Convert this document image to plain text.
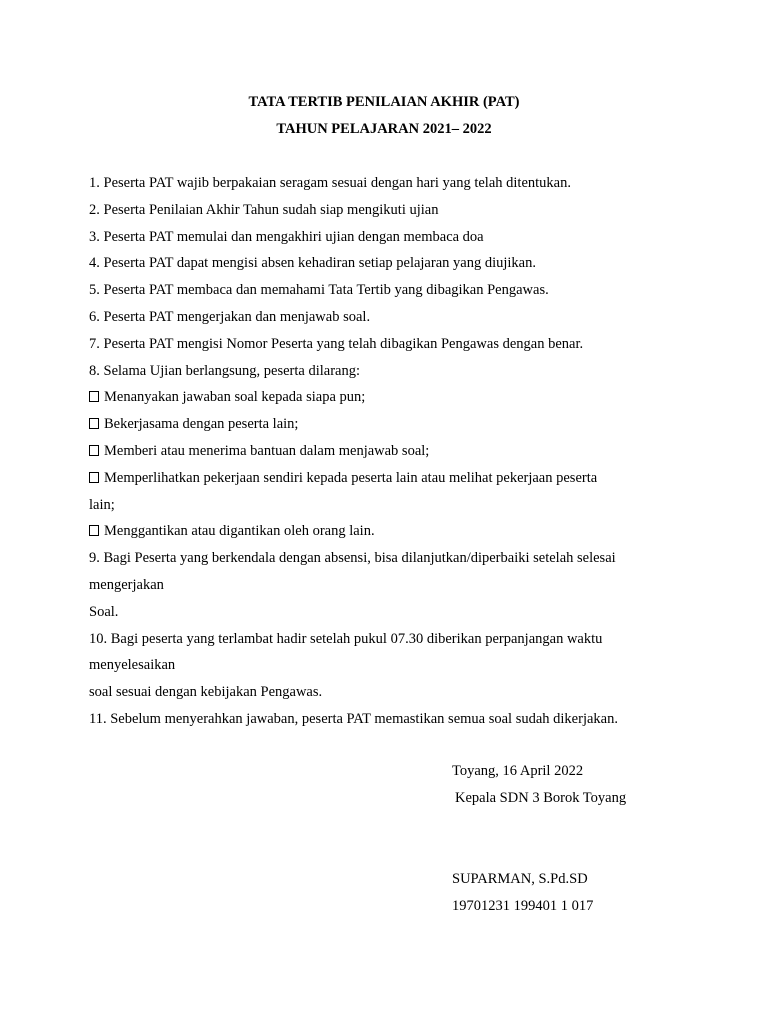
TATA TERTIB PENILAIAN AKHIR (PAT)
TAHUN PELAJARAN 2021– 2022
1. Peserta PAT wajib berpakaian seragam sesuai dengan hari yang telah ditentukan.
2. Peserta Penilaian Akhir Tahun sudah siap mengikuti ujian
3. Peserta PAT memulai dan mengakhiri ujian dengan membaca doa
4. Peserta PAT dapat mengisi absen kehadiran setiap pelajaran yang diujikan.
5. Peserta PAT membaca dan memahami Tata Tertib yang dibagikan Pengawas.
6. Peserta PAT mengerjakan dan menjawab soal.
7. Peserta PAT mengisi Nomor Peserta yang telah dibagikan Pengawas dengan benar.
8. Selama Ujian berlangsung, peserta dilarang:
Menanyakan jawaban soal kepada siapa pun;
Bekerjasama dengan peserta lain;
Memberi atau menerima bantuan dalam menjawab soal;
Memperlihatkan pekerjaan sendiri kepada peserta lain atau melihat pekerjaan peserta
lain;
Menggantikan atau digantikan oleh orang lain.
9. Bagi Peserta yang berkendala dengan absensi, bisa dilanjutkan/diperbaiki setelah selesai
mengerjakan
Soal.
10. Bagi peserta yang terlambat hadir setelah pukul 07.30 diberikan perpanjangan waktu
menyelesaikan
soal sesuai dengan kebijakan Pengawas.
11. Sebelum menyerahkan jawaban, peserta PAT memastikan semua soal sudah dikerjakan.
Toyang, 16 April 2022
Kepala SDN 3 Borok Toyang
SUPARMAN, S.Pd.SD
19701231 199401 1 017
